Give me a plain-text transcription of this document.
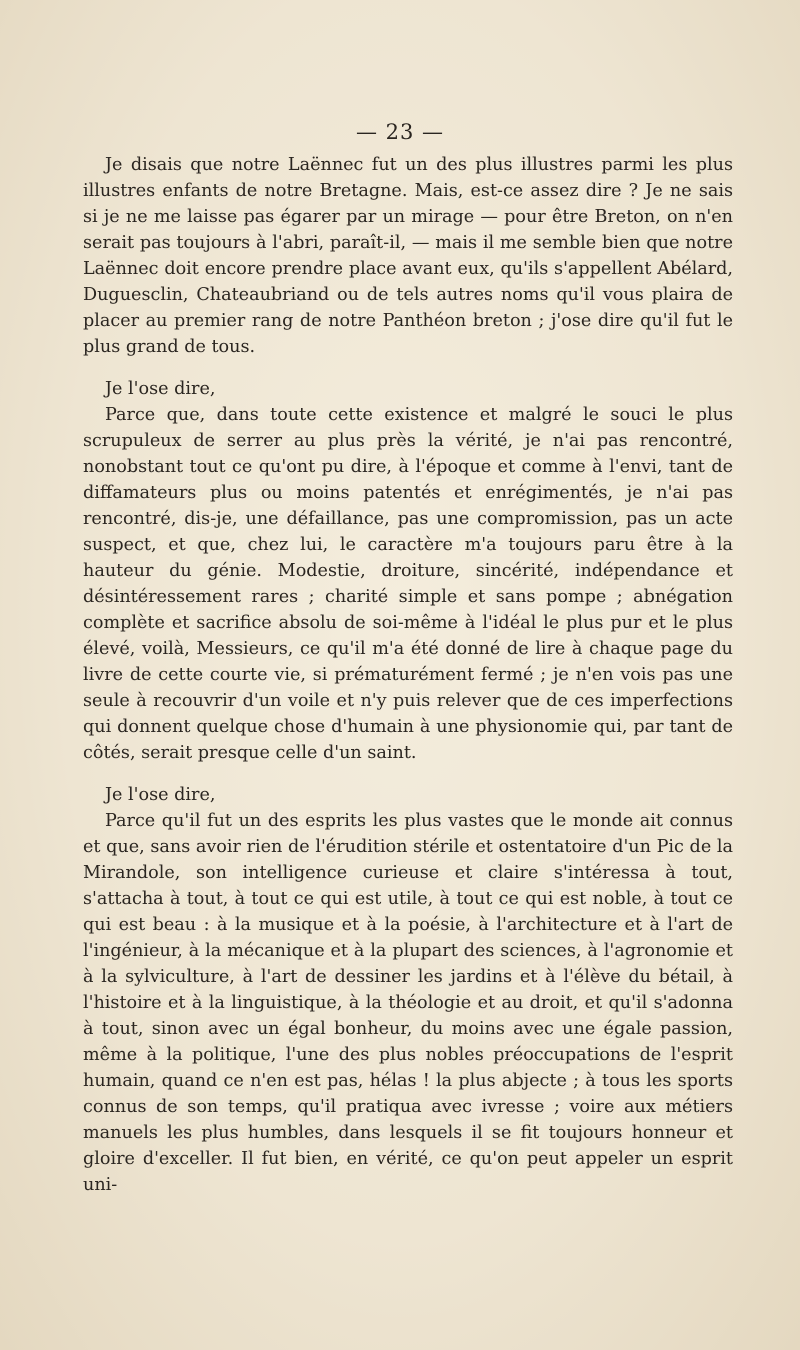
— 23 —

Je disais que notre Laënnec fut un des plus illustres parmi les plus illustres enfants de notre Bretagne. Mais, est-ce assez dire ? Je ne sais si je ne me laisse pas égarer par un mirage — pour être Breton, on n'en serait pas toujours à l'abri, paraît-il, — mais il me semble bien que notre Laënnec doit encore prendre place avant eux, qu'ils s'appellent Abélard, Duguesclin, Chateaubriand ou de tels autres noms qu'il vous plaira de placer au premier rang de notre Panthéon breton ; j'ose dire qu'il fut le plus grand de tous.

Je l'ose dire,

Parce que, dans toute cette existence et malgré le souci le plus scrupuleux de serrer au plus près la vérité, je n'ai pas rencontré, nonobstant tout ce qu'ont pu dire, à l'époque et comme à l'envi, tant de diffamateurs plus ou moins patentés et enrégimentés, je n'ai pas rencontré, dis-je, une défaillance, pas une compromission, pas un acte suspect, et que, chez lui, le caractère m'a toujours paru être à la hauteur du génie. Modestie, droiture, sincérité, indépendance et désintéressement rares ; charité simple et sans pompe ; abnégation complète et sacrifice absolu de soi-même à l'idéal le plus pur et le plus élevé, voilà, Messieurs, ce qu'il m'a été donné de lire à chaque page du livre de cette courte vie, si prématurément fermé ; je n'en vois pas une seule à recouvrir d'un voile et n'y puis relever que de ces imperfections qui donnent quelque chose d'humain à une physionomie qui, par tant de côtés, serait presque celle d'un saint.

Je l'ose dire,

Parce qu'il fut un des esprits les plus vastes que le monde ait connus et que, sans avoir rien de l'érudition stérile et ostentatoire d'un Pic de la Mirandole, son intelligence curieuse et claire s'intéressa à tout, s'attacha à tout, à tout ce qui est utile, à tout ce qui est noble, à tout ce qui est beau : à la musique et à la poésie, à l'architecture et à l'art de l'ingénieur, à la mécanique et à la plupart des sciences, à l'agronomie et à la sylviculture, à l'art de dessiner les jardins et à l'élève du bétail, à l'histoire et à la linguistique, à la théologie et au droit, et qu'il s'adonna à tout, sinon avec un égal bonheur, du moins avec une égale passion, même à la politique, l'une des plus nobles préoccupations de l'esprit humain, quand ce n'en est pas, hélas ! la plus abjecte ; à tous les sports connus de son temps, qu'il pratiqua avec ivresse ; voire aux métiers manuels les plus humbles, dans lesquels il se fit toujours honneur et gloire d'exceller. Il fut bien, en vérité, ce qu'on peut appeler un esprit uni-
